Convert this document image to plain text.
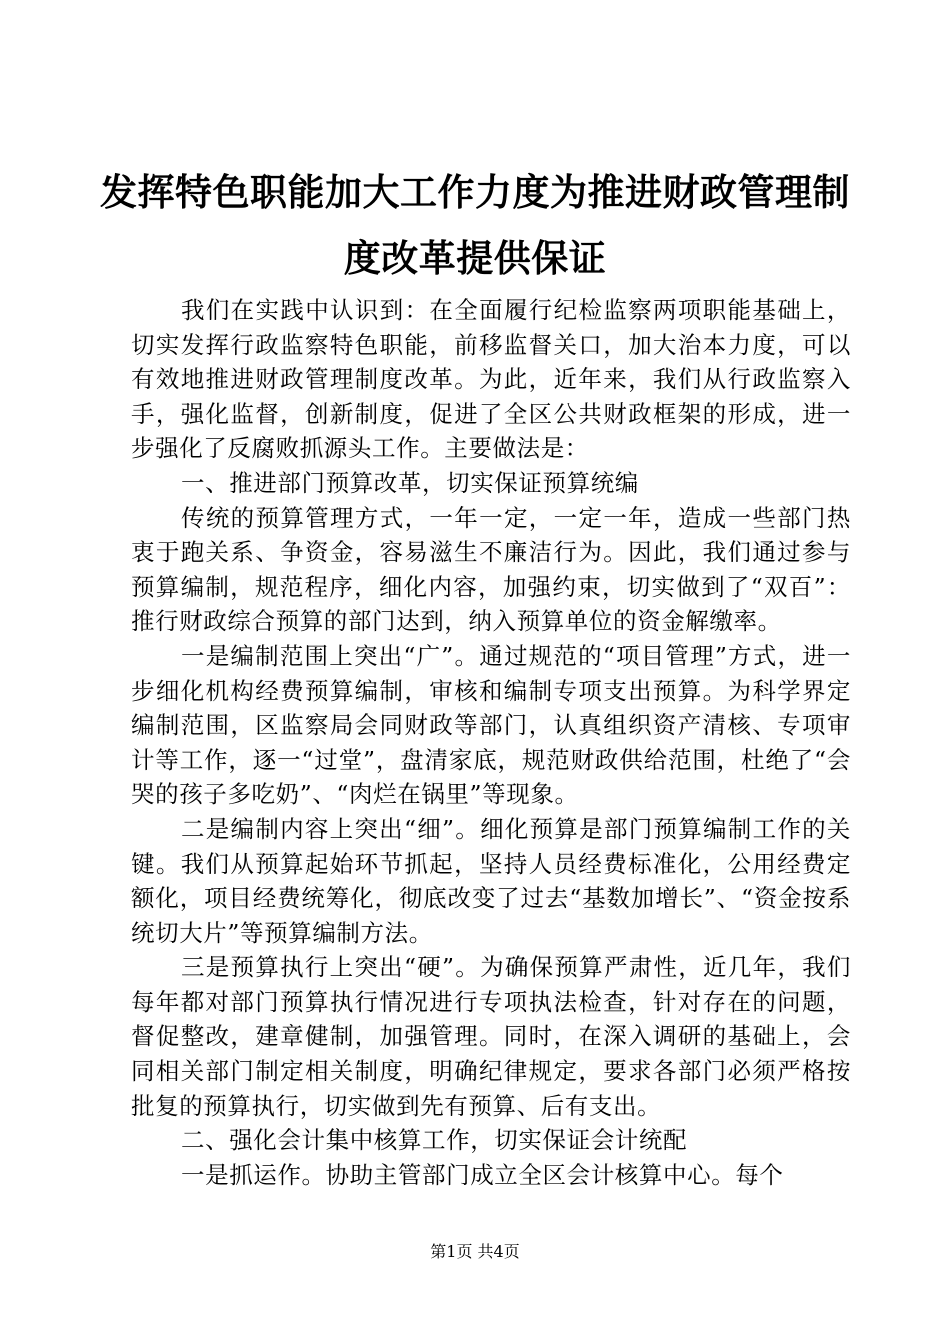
发挥特色职能加大工作力度为推进财政管理制度改革提供保证

我们在实践中认识到：在全面履行纪检监察两项职能基础上，切实发挥行政监察特色职能，前移监督关口，加大治本力度，可以有效地推进财政管理制度改革。为此，近年来，我们从行政监察入手，强化监督，创新制度，促进了全区公共财政框架的形成，进一步强化了反腐败抓源头工作。主要做法是：

一、推进部门预算改革，切实保证预算统编

传统的预算管理方式，一年一定，一定一年，造成一些部门热衷于跑关系、争资金，容易滋生不廉洁行为。因此，我们通过参与预算编制，规范程序，细化内容，加强约束，切实做到了“双百”：推行财政综合预算的部门达到，纳入预算单位的资金解缴率。

一是编制范围上突出“广”。通过规范的“项目管理”方式，进一步细化机构经费预算编制，审核和编制专项支出预算。为科学界定编制范围，区监察局会同财政等部门，认真组织资产清核、专项审计等工作，逐一“过堂”，盘清家底，规范财政供给范围，杜绝了“会哭的孩子多吃奶”、“肉烂在锅里”等现象。

二是编制内容上突出“细”。细化预算是部门预算编制工作的关键。我们从预算起始环节抓起，坚持人员经费标准化，公用经费定额化，项目经费统筹化，彻底改变了过去“基数加增长”、“资金按系统切大片”等预算编制方法。

三是预算执行上突出“硬”。为确保预算严肃性，近几年，我们每年都对部门预算执行情况进行专项执法检查，针对存在的问题，督促整改，建章健制，加强管理。同时，在深入调研的基础上，会同相关部门制定相关制度，明确纪律规定，要求各部门必须严格按批复的预算执行，切实做到先有预算、后有支出。

二、强化会计集中核算工作，切实保证会计统配

一是抓运作。协助主管部门成立全区会计核算中心。每个

第1页 共4页
